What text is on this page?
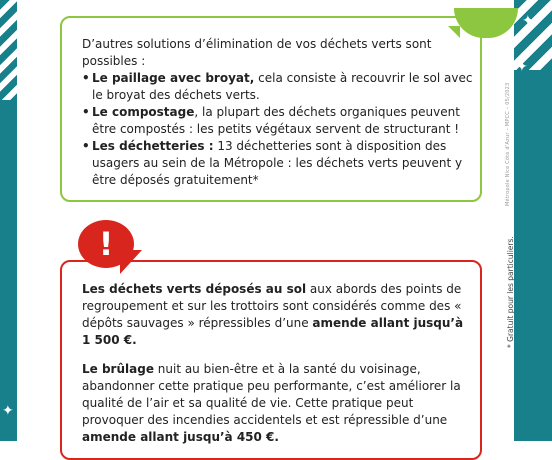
✦
✦
✦
✦

D’autres solutions d’élimination de vos déchets verts sont possibles :

• Le paillage avec broyat, cela consiste à recouvrir le sol avec le broyat des déchets verts.
• Le compostage, la plupart des déchets organiques peuvent être compostés : les petits végétaux servent de structurant !
• Les déchetteries : 13 déchetteries sont à disposition des usagers au sein de la Métropole : les déchets verts peuvent y être déposés gratuitement*

Les déchets verts déposés au sol aux abords des points de regroupement et sur les trottoirs sont considérés comme des « dépôts sauvages » répressibles d’une amende allant jusqu’à 1 500 €.

Le brûlage nuit au bien-être et à la santé du voisinage, abandonner cette pratique peu performante, c’est améliorer la qualité de l’air et sa qualité de vie. Cette pratique peut provoquer des incendies accidentels et est répressible d’une amende allant jusqu’à 450 €.

!
Métropole Nice Côte d’Azur – MPCC – 05/2023
* Gratuit pour les particuliers.
